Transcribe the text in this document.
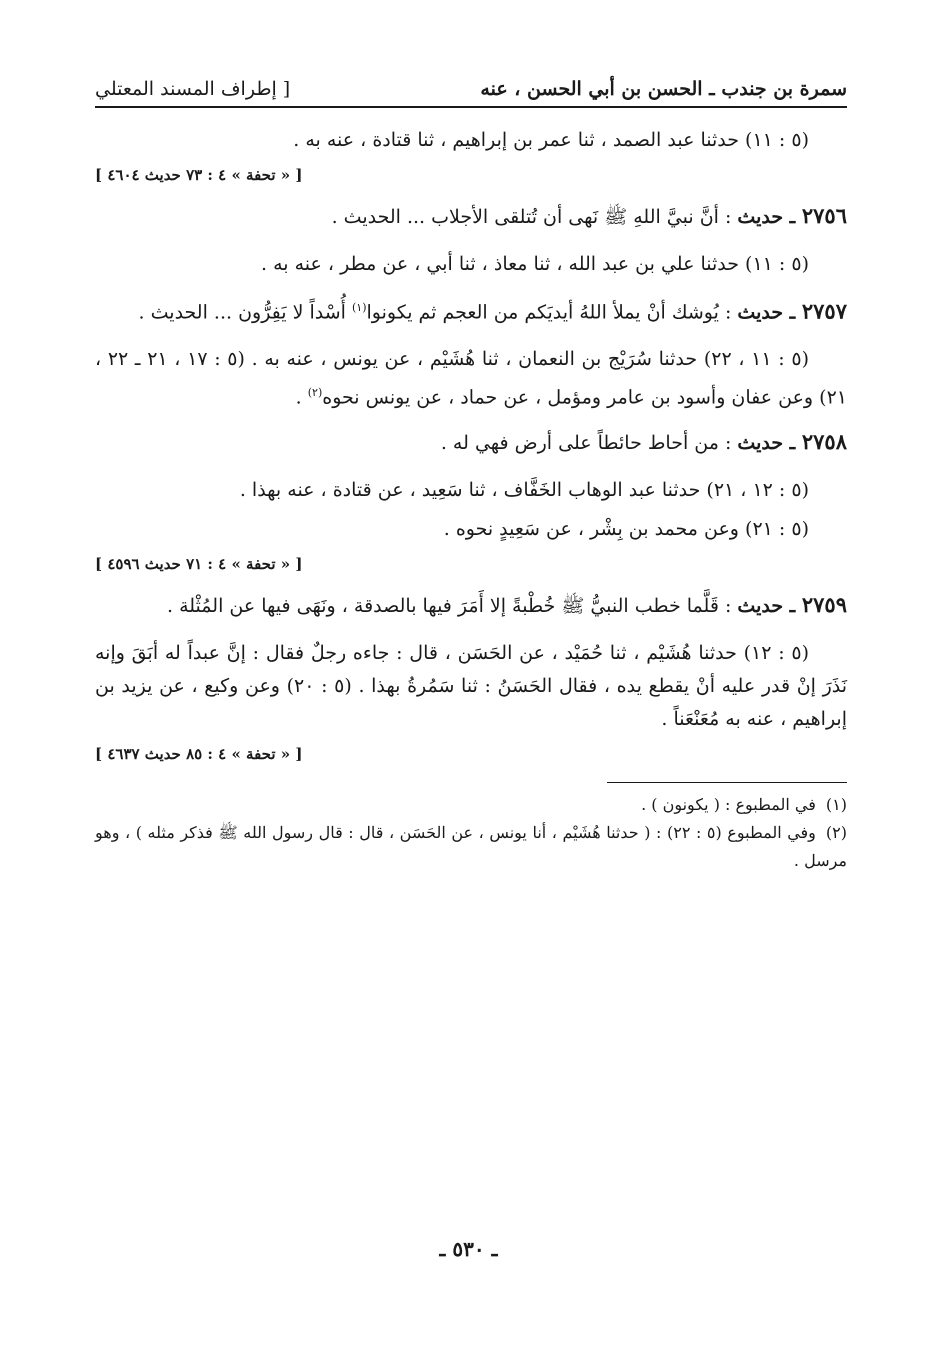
سمرة بن جندب ـ الحسن بن أبي الحسن ، عنه
[ إطراف المسند المعتلي

(٥ : ١١) حدثنا عبد الصمد ، ثنا عمر بن إبراهيم ، ثنا قتادة ، عنه به .

[ « تحفة » ٤ : ٧٣ حديث ٤٦٠٤ ]

٢٧٥٦ ـ حديث : أنَّ نبيَّ اللهِ ﷺ نَهى أن تُتلقى الأجلاب ... الحديث .

(٥ : ١١) حدثنا علي بن عبد الله ، ثنا معاذ ، ثنا أبي ، عن مطر ، عنه به .

٢٧٥٧ ـ حديث : يُوشك أنْ يملأ اللهُ أيديَكم من العجم ثم يكونوا$^{(١)}$ أُسْداً لا يَفِرُّون ... الحديث .

(٥ : ١١ ، ٢٢) حدثنا سُرَيْج بن النعمان ، ثنا هُشَيْم ، عن يونس ، عنه به . (٥ : ١٧ ، ٢١ ـ ٢٢ ، ٢١) وعن عفان وأسود بن عامر ومؤمل ، عن حماد ، عن يونس نحوه$^{(٢)}$ .

٢٧٥٨ ـ حديث : من أحاط حائطاً على أرض فهي له .

(٥ : ١٢ ، ٢١) حدثنا عبد الوهاب الخَفَّاف ، ثنا سَعِيد ، عن قتادة ، عنه بهذا .

(٥ : ٢١) وعن محمد بن بِشْر ، عن سَعِيدٍ نحوه .

[ « تحفة » ٤ : ٧١ حديث ٤٥٩٦ ]

٢٧٥٩ ـ حديث : قَلَّما خطب النبيُّ ﷺ خُطْبةً إلا أَمَرَ فيها بالصدقة ، ونَهَى فيها عن المُثْلة .

(٥ : ١٢) حدثنا هُشَيْم ، ثنا حُمَيْد ، عن الحَسَن ، قال : جاءه رجلٌ فقال : إنَّ عبداً له أبَقَ وإنه نَذَرَ إنْ قدر عليه أنْ يقطع يده ، فقال الحَسَنُ : ثنا سَمُرةُ بهذا . (٥ : ٢٠) وعن وكيع ، عن يزيد بن إبراهيم ، عنه به مُعَنْعَناً .

[ « تحفة » ٤ : ٨٥ حديث ٤٦٣٧ ]

(١)في المطبوع : ( يكونون ) .

(٢)وفي المطبوع (٥ : ٢٢) : ( حدثنا هُشَيْم ، أنا يونس ، عن الحَسَن ، قال : قال رسول الله ﷺ فذكر مثله ) ، وهو مرسل .

ـ ٥٣٠ ـ
